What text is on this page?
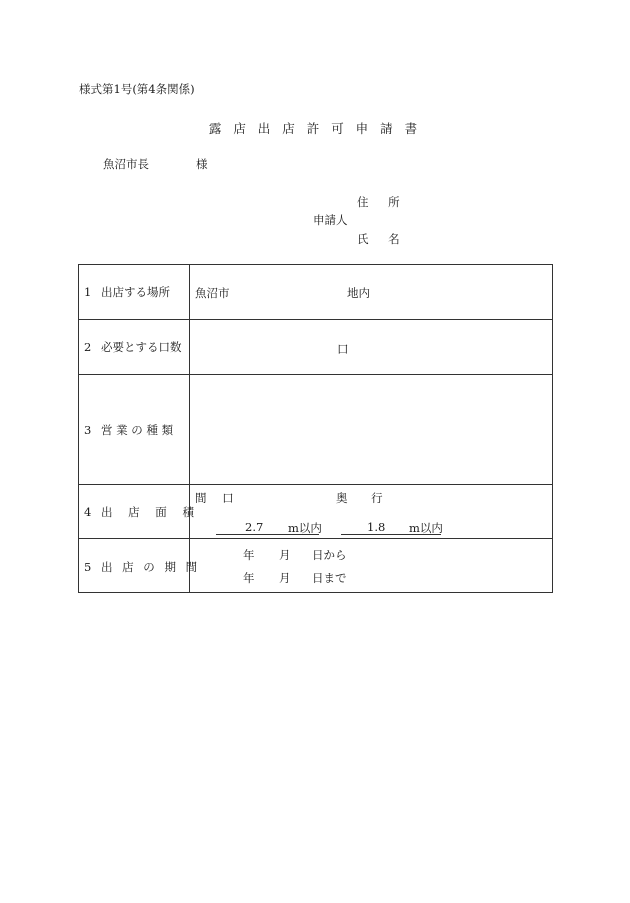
様式第1号(第4条関係)
露 店 出 店 許 可 申 請 書
魚沼市長	様
住 所
申請人
氏 名
1 出店する場所 魚沼市	地内
2 必要とする口数	口
3 営 業 の 種 類
4 出 店 面 積
間 口	奥 行
2.7 m以内	1.8 m以内
5 出 店 の 期 間
年 月 日から
年 月 日まで
